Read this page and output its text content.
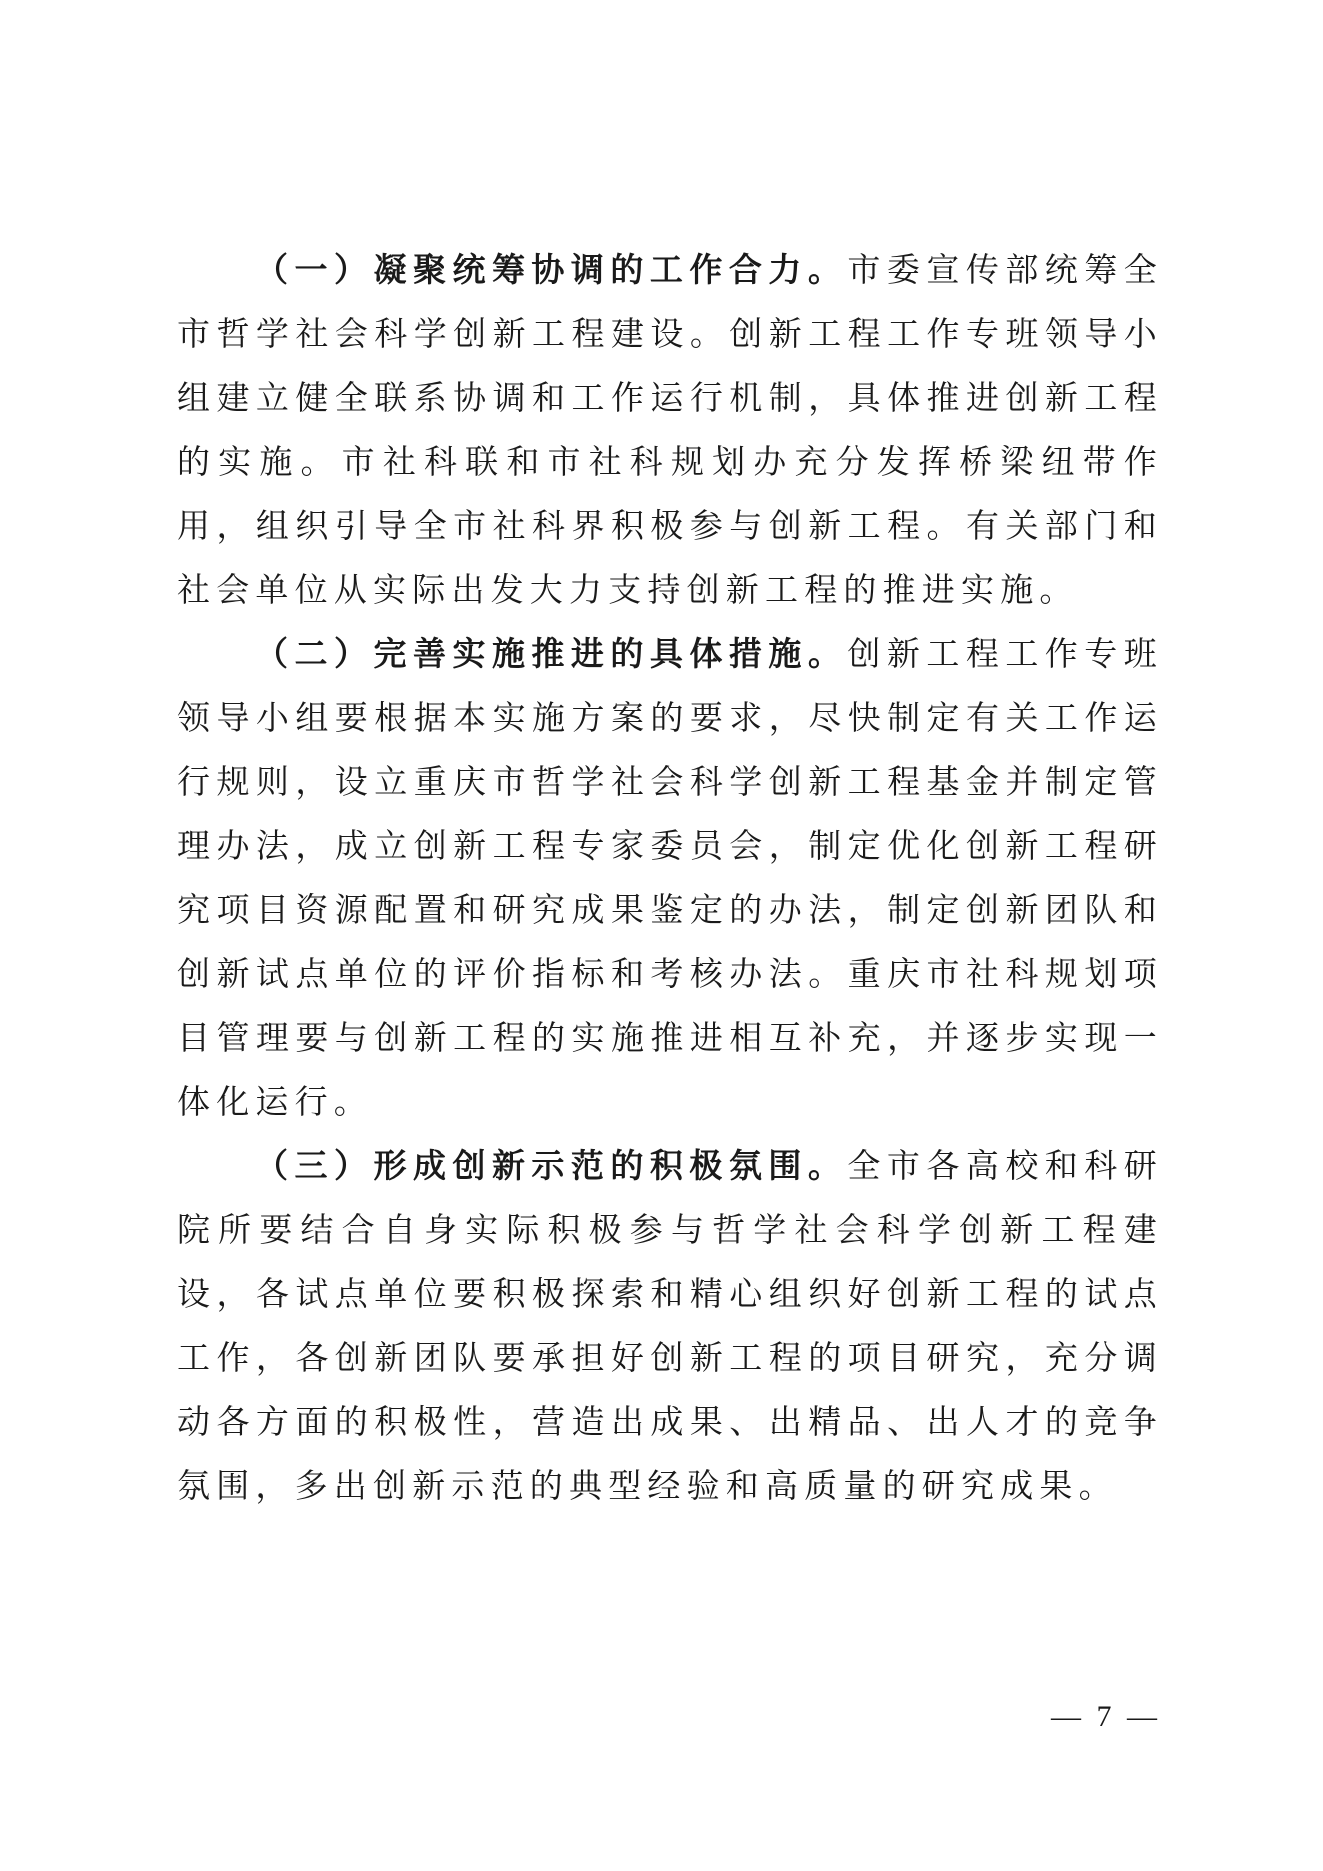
（一）凝聚统筹协调的工作合力。市委宣传部统筹全市哲学社会科学创新工程建设。创新工程工作专班领导小组建立健全联系协调和工作运行机制，具体推进创新工程的实施。市社科联和市社科规划办充分发挥桥梁纽带作用，组织引导全市社科界积极参与创新工程。有关部门和社会单位从实际出发大力支持创新工程的推进实施。

（二）完善实施推进的具体措施。创新工程工作专班领导小组要根据本实施方案的要求，尽快制定有关工作运行规则，设立重庆市哲学社会科学创新工程基金并制定管理办法，成立创新工程专家委员会，制定优化创新工程研究项目资源配置和研究成果鉴定的办法，制定创新团队和创新试点单位的评价指标和考核办法。重庆市社科规划项目管理要与创新工程的实施推进相互补充，并逐步实现一体化运行。

（三）形成创新示范的积极氛围。全市各高校和科研院所要结合自身实际积极参与哲学社会科学创新工程建设，各试点单位要积极探索和精心组织好创新工程的试点工作，各创新团队要承担好创新工程的项目研究，充分调动各方面的积极性，营造出成果、出精品、出人才的竞争氛围，多出创新示范的典型经验和高质量的研究成果。

— 7 —
